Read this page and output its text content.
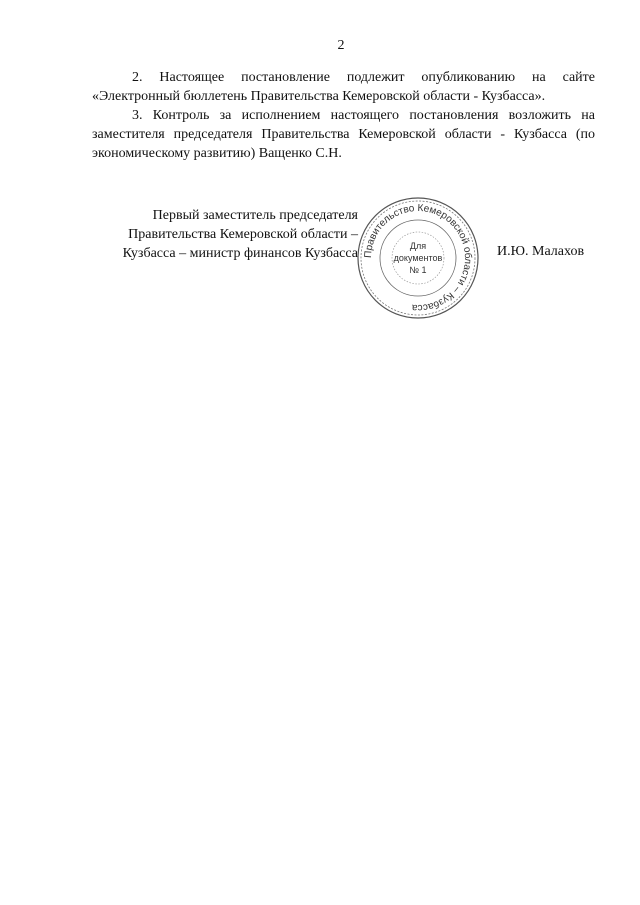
2

2. Настоящее постановление подлежит опубликованию на сайте «Электронный бюллетень Правительства Кемеровской области - Кузбасса».

3. Контроль за исполнением настоящего постановления возложить на заместителя председателя Правительства Кемеровской области - Кузбасса (по экономическому развитию) Ващенко С.Н.

Первый заместитель председателя
Правительства Кемеровской области –
Кузбасса – министр финансов Кузбасса Правительство Кемеровской области – Кузбасса
Для
документов
№ 1
И.Ю. Малахов
